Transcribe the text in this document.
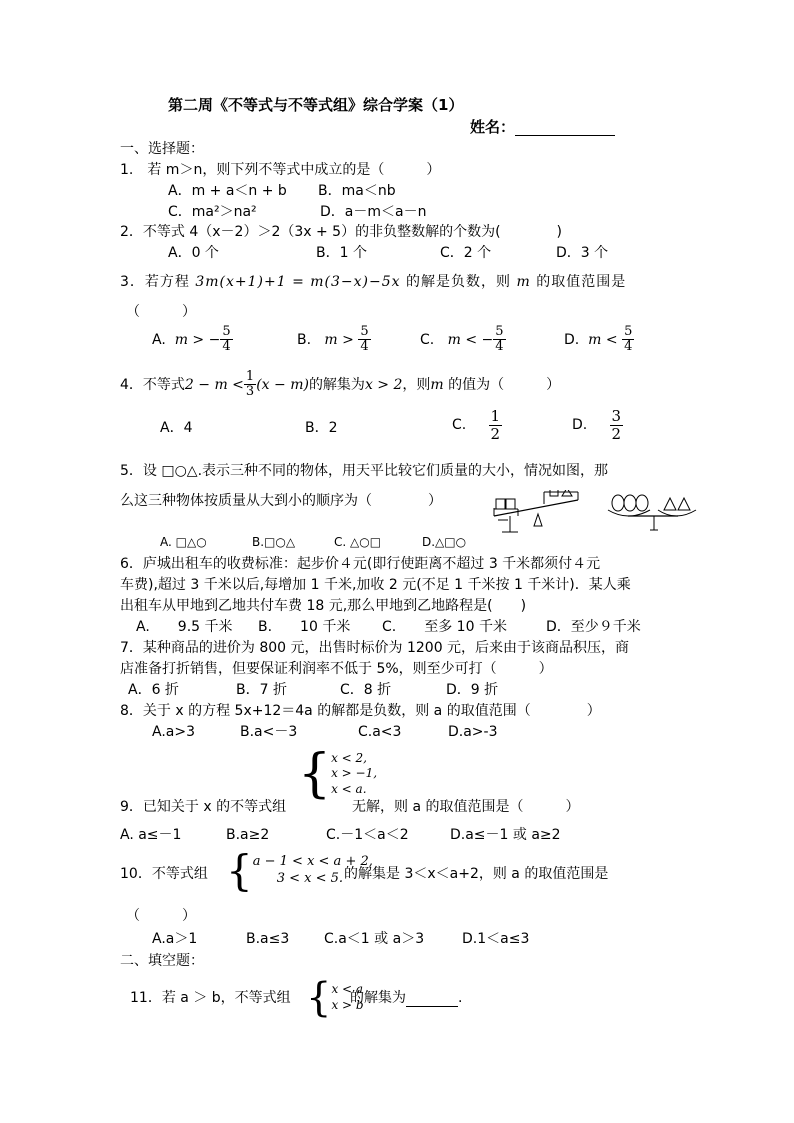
第二周《不等式与不等式组》综合学案（1）
姓名：
一、选择题：
1.　若 m＞n，则下列不等式中成立的是（　　　）
A．m + a＜n + b B．ma＜nb
C．ma²＞na²	D．a－m＜a－n
2．不等式 4（x－2）＞2（3x + 5）的非负整数解的个数为(　　　　)
A．0 个	B．1 个	C．2 个	D．3 个
3．若方程 3m(x+1)+1 = m(3−x)−5x 的解是负数，则 m 的取值范围是
（　　　）
A. m > − $\frac{5}{4}$	B. $m > \frac{5}{4}$	C. m < − $\frac{5}{4}$	D. $m < \frac{5}{4}$
4．不等式$2 - m < \frac{1}{3} (x - m)$的解集为x > 2，则m 的值为（　　　）
A．4	B．2	C. $\frac{1}{2}$	D. $\frac{3}{2}$
5．设 □○△.表示三种不同的物体，用天平比较它们质量的大小，情况如图，那
么这三种物体按质量从大到小的顺序为（　　　　）
A. □△○	B.□○△	C. △○□	D.△□○
6．庐城出租车的收费标准：起步价４元(即行使距离不超过 3 千米都须付４元
车费),超过 3 千米以后,每增加 1 千米,加收 2 元(不足 1 千米按 1 千米计)．某人乘
出租车从甲地到乙地共付车费 18 元,那么甲地到乙地路程是(　　)
A.　　9.5 千米 B.　　10 千米 C.　　至多 10 千米	D．至少９千米
7．某种商品的进价为 800 元，出售时标价为 1200 元，后来由于该商品积压，商
店准备打折销售，但要保证利润率不低于 5%，则至少可打（　　　）
A．6 折	B．7 折	C．8 折	D．9 折
8．关于 x 的方程 5x+12＝4a 的解都是负数，则 a 的取值范围（　　　　）
A.a>3	B.a<－3	C.a<3	D.a>-3
{ x < 2,
x > −1,
x < a.
9．已知关于 x 的不等式组	无解，则 a 的取值范围是（　　　）
A. a≤－1	B.a≥2	C.－1＜a＜2	D.a≤－1 或 a≥2
10．不等式组 { a − 1 < x < a + 2,
3 < x < 5. 的解集是 3＜x＜a+2，则 a 的取值范围是
（　　　）
A.a＞1	B.a≤3 C.a＜1 或 a＞3	D.1＜a≤3
二、填空题：
11．若 a ＞ b，不等式组 { x < a
x > b
的解集为	.
